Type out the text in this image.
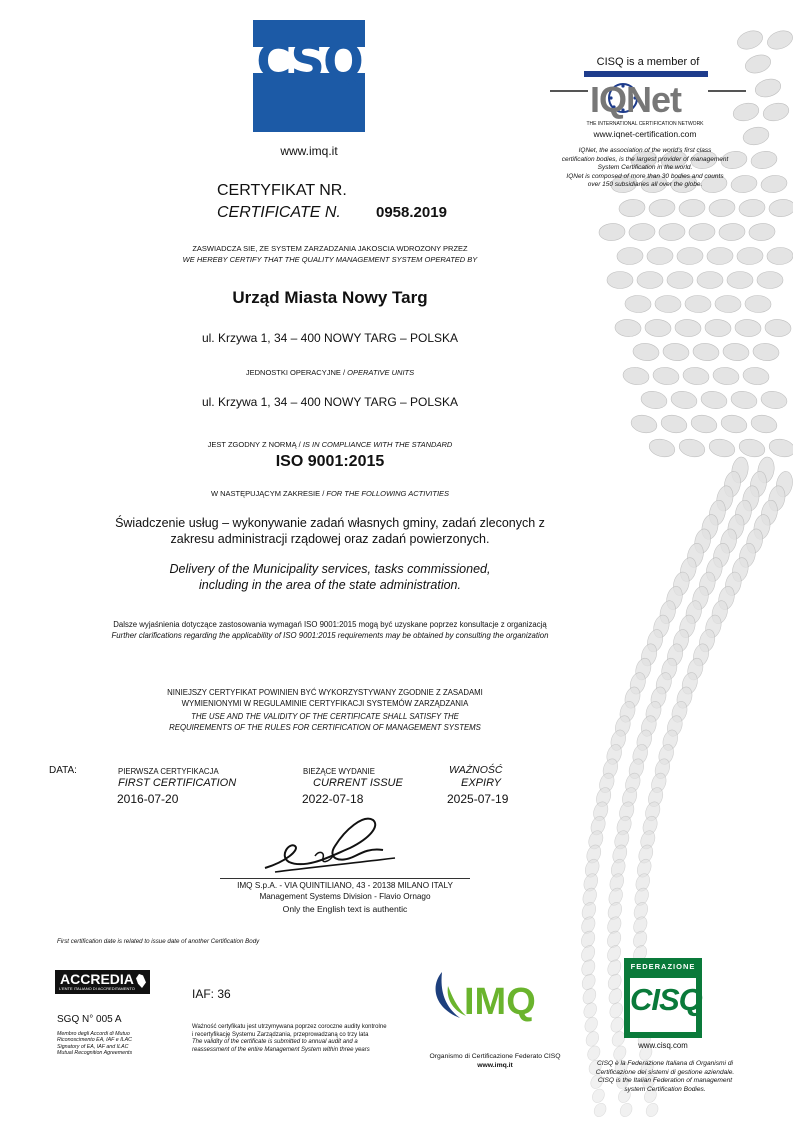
CSQ
www.imq.it
CISQ is a member of
IQNet
THE INTERNATIONAL CERTIFICATION NETWORK
www.iqnet-certification.com
IQNet, the association of the world's first class
certification bodies, is the largest provider of management
System Certification in the world.
IQNet is composed of more than 30 bodies and counts
over 150 subsidiaries all over the globe.
CERTYFIKAT NR.
CERTIFICATE N. 0958.2019
ZASWIADCZA SIE, ZE SYSTEM ZARZADZANIA JAKOSCIA WDROZONY PRZEZ
WE HEREBY CERTIFY THAT THE QUALITY MANAGEMENT SYSTEM OPERATED BY
Urząd Miasta Nowy Targ
ul. Krzywa 1, 34 – 400 NOWY TARG – POLSKA
JEDNOSTKI OPERACYJNE / OPERATIVE UNITS
ul. Krzywa 1, 34 – 400 NOWY TARG – POLSKA
JEST ZGODNY Z NORMĄ / IS IN COMPLIANCE WITH THE STANDARD
ISO 9001:2015
W NASTĘPUJĄCYM ZAKRESIE / FOR THE FOLLOWING ACTIVITIES
Świadczenie usług – wykonywanie zadań własnych gminy, zadań zleconych z
zakresu administracji rządowej oraz zadań powierzonych.
Delivery of the Municipality services, tasks commissioned,
including in the area of the state administration.
Dalsze wyjaśnienia dotyczące zastosowania wymagań ISO 9001:2015 mogą być uzyskane poprzez konsultacje z organizacją
Further clarifications regarding the applicability of ISO 9001:2015 requirements may be obtained by consulting the organization
NINIEJSZY CERTYFIKAT POWINIEN BYĆ WYKORZYSTYWANY ZGODNIE Z ZASADAMI
WYMIENIONYMI W REGULAMINIE CERTYFIKACJI SYSTEMÓW ZARZĄDZANIA
THE USE AND THE VALIDITY OF THE CERTIFICATE SHALL SATISFY THE
REQUIREMENTS OF THE RULES FOR CERTIFICATION OF MANAGEMENT SYSTEMS
DATA:	PIERWSZA CERTYFIKACJA
FIRST CERTIFICATION
2016-07-20
BIEŻĄCE WYDANIE
CURRENT ISSUE
2022-07-18
WAŻNOŚĆ
EXPIRY
2025-07-19
IMQ S.p.A. - VIA QUINTILIANO, 43 - 20138 MILANO ITALY
Management Systems Division - Flavio Ornago
Only the English text is authentic
First certification date is related to issue date of another Certification Body
ACCREDIA
L'ENTE ITALIANO DI ACCREDITAMENTO	IAF: 36
SGQ N° 005 A
Membro degli Accordi di Mutuo
Riconoscimento EA, IAF e ILAC
Signatory of EA, IAF and ILAC
Mutual Recognition Agreements
Ważność certyfikatu jest utrzymywana poprzez coroczne audity kontrolne
i recertyfikację Systemu Zarządzania, przeprowadzaną co trzy lata
The validity of the certificate is submitted to annual audit and a
reassessment of the entire Management System within three years
IMQ
Organismo di Certificazione Federato CISQ
www.imq.it
FEDERAZIONE
CISQ
www.cisq.com
CISQ è la Federazione Italiana di Organismi di
Certificazione dei sistemi di gestione aziendale.
CISQ is the Italian Federation of management
system Certification Bodies.
